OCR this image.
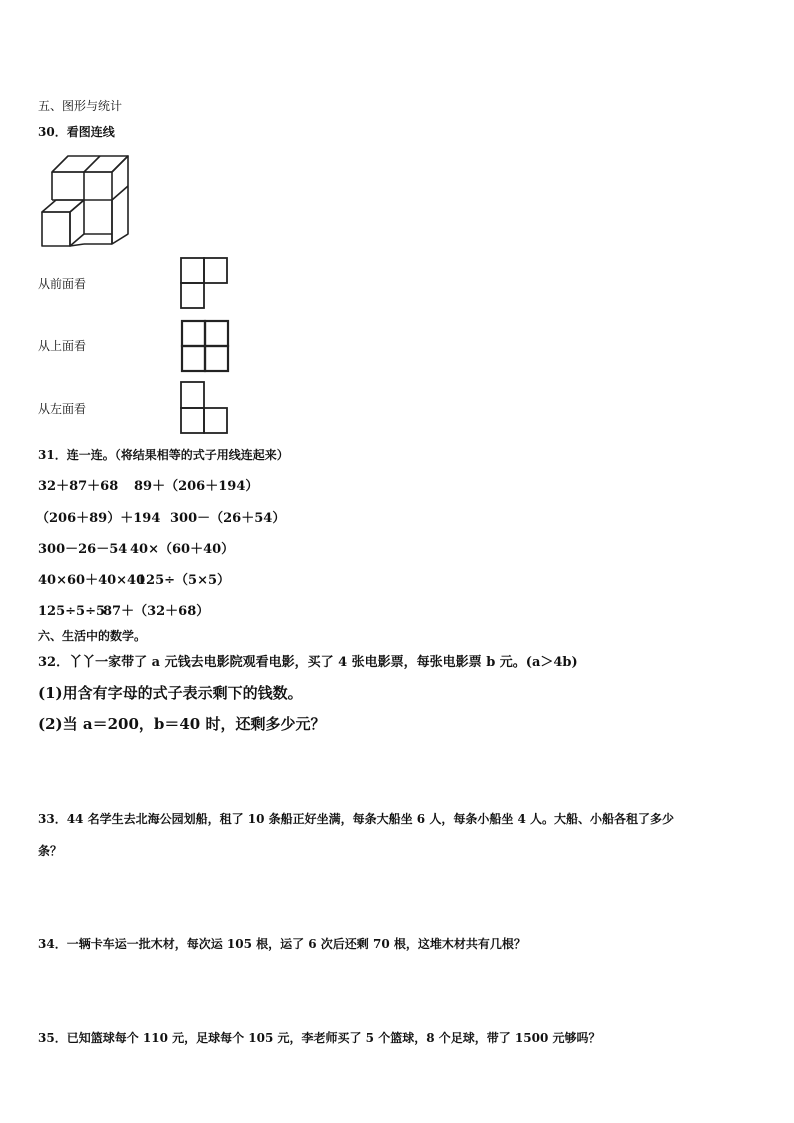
五、图形与统计
30．看图连线
从前面看
从上面看
从左面看
31．连一连。（将结果相等的式子用线连起来）
32＋87＋68 89＋（206＋194）
（206＋89）＋194 300－（26＋54）
300－26－54 40×（60＋40）
40×60＋40×40
125÷（5×5）
125÷5÷5
87＋（32＋68）
六、生活中的数学。
32．丫丫一家带了 a 元钱去电影院观看电影，买了 4 张电影票，每张电影票 b 元。(a＞4b)
(1)用含有字母的式子表示剩下的钱数。
(2)当 a＝200，b＝40 时，还剩多少元？
33．44 名学生去北海公园划船，租了 10 条船正好坐满，每条大船坐 6 人，每条小船坐 4 人。大船、小船各租了多少
条？
34．一辆卡车运一批木材，每次运 105 根，运了 6 次后还剩 70 根，这堆木材共有几根？
35．已知篮球每个 110 元，足球每个 105 元，李老师买了 5 个篮球，8 个足球，带了 1500 元够吗？
